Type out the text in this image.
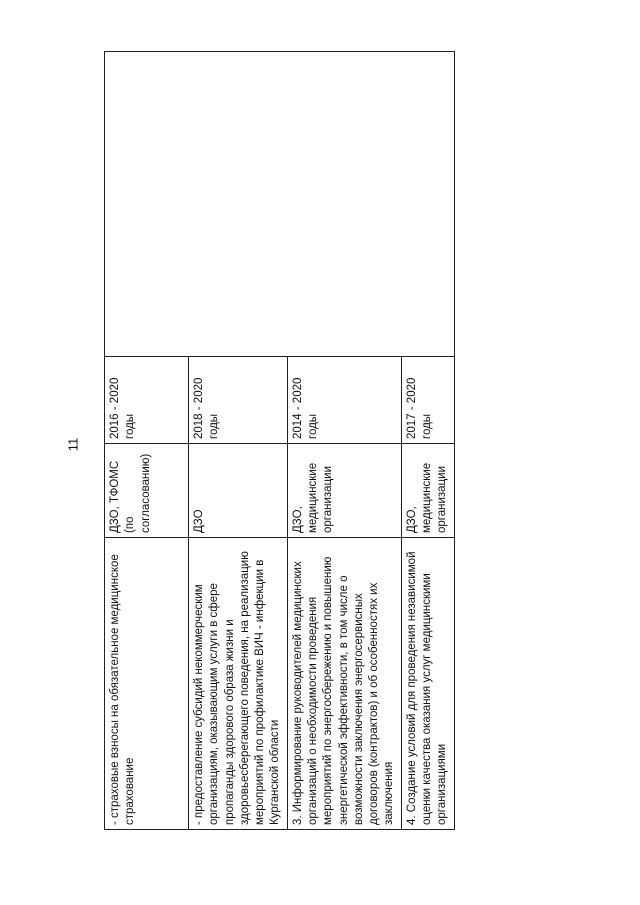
11
- страховые взносы на обязательное медицинское страхование	ДЗО, ТФОМС (по согласованию)	2016 - 2020 годы	
- предоставление субсидий некоммерческим организациям, оказывающим услуги в сфере пропаганды здорового образа жизни и здоровьесберегающего поведения, на реализацию мероприятий по профилактике ВИЧ - инфекции в Курганской области	ДЗО	2018 - 2020 годы	
3. Информирование руководителей медицинских организаций о необходимости проведения мероприятий по энергосбережению и повышению энергетической эффективности, в том числе о возможности заключения энергосервисных договоров (контрактов) и об особенностях их заключения	ДЗО, медицинские организации	2014 - 2020 годы	
4. Создание условий для проведения независимой оценки качества оказания услуг медицинскими организациями	ДЗО, медицинские организации	2017 - 2020 годы	
